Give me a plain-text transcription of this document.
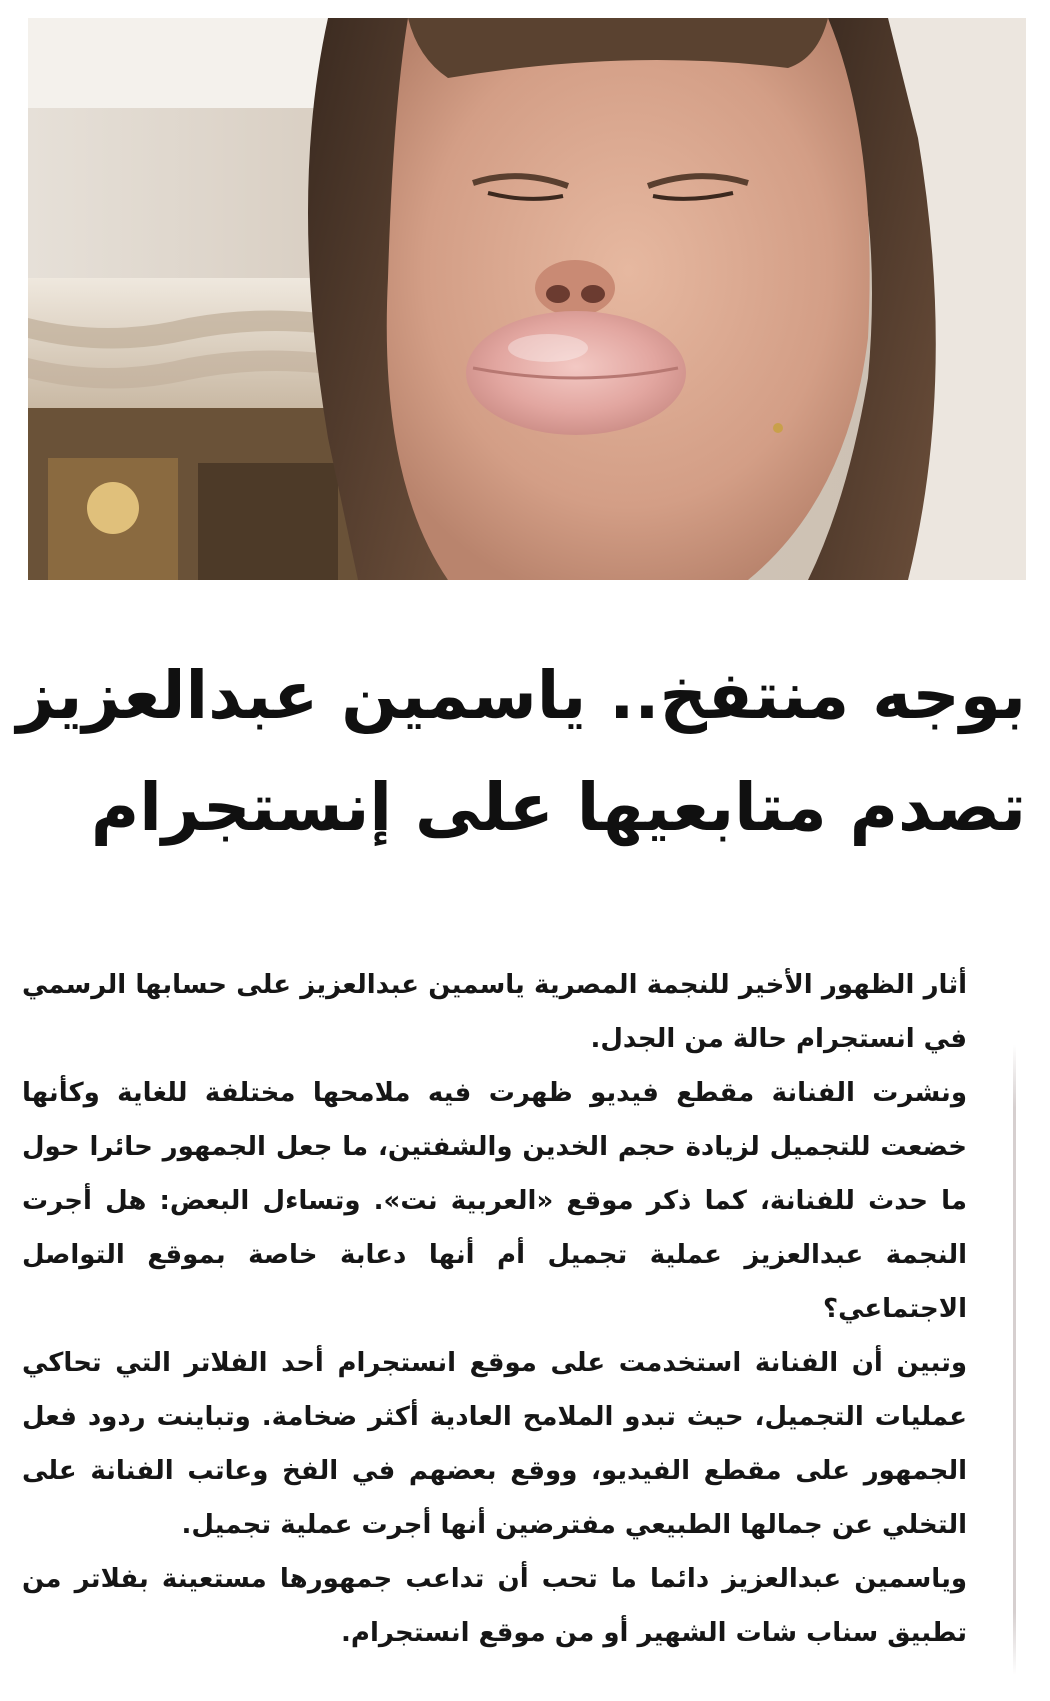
بوجه منتفخ.. ياسمين عبدالعزيز
تصدم متابعيها على إنستجرام

أثار الظهور الأخير للنجمة المصرية ياسمين عبدالعزيز على حسابها الرسمي في انستجرام حالة من الجدل.

ونشرت الفنانة مقطع فيديو ظهرت فيه ملامحها مختلفة للغاية وكأنها خضعت للتجميل لزيادة حجم الخدين والشفتين، ما جعل الجمهور حائرا حول ما حدث للفنانة، كما ذكر موقع «العربية نت». وتساءل البعض: هل أجرت النجمة عبدالعزيز عملية تجميل أم أنها دعابة خاصة بموقع التواصل الاجتماعي؟

وتبين أن الفنانة استخدمت على موقع انستجرام أحد الفلاتر التي تحاكي عمليات التجميل، حيث تبدو الملامح العادية أكثر ضخامة. وتباينت ردود فعل الجمهور على مقطع الفيديو، ووقع بعضهم في الفخ وعاتب الفنانة على التخلي عن جمالها الطبيعي مفترضين أنها أجرت عملية تجميل.

وياسمين عبدالعزيز دائما ما تحب أن تداعب جمهورها مستعينة بفلاتر من تطبيق سناب شات الشهير أو من موقع انستجرام.
